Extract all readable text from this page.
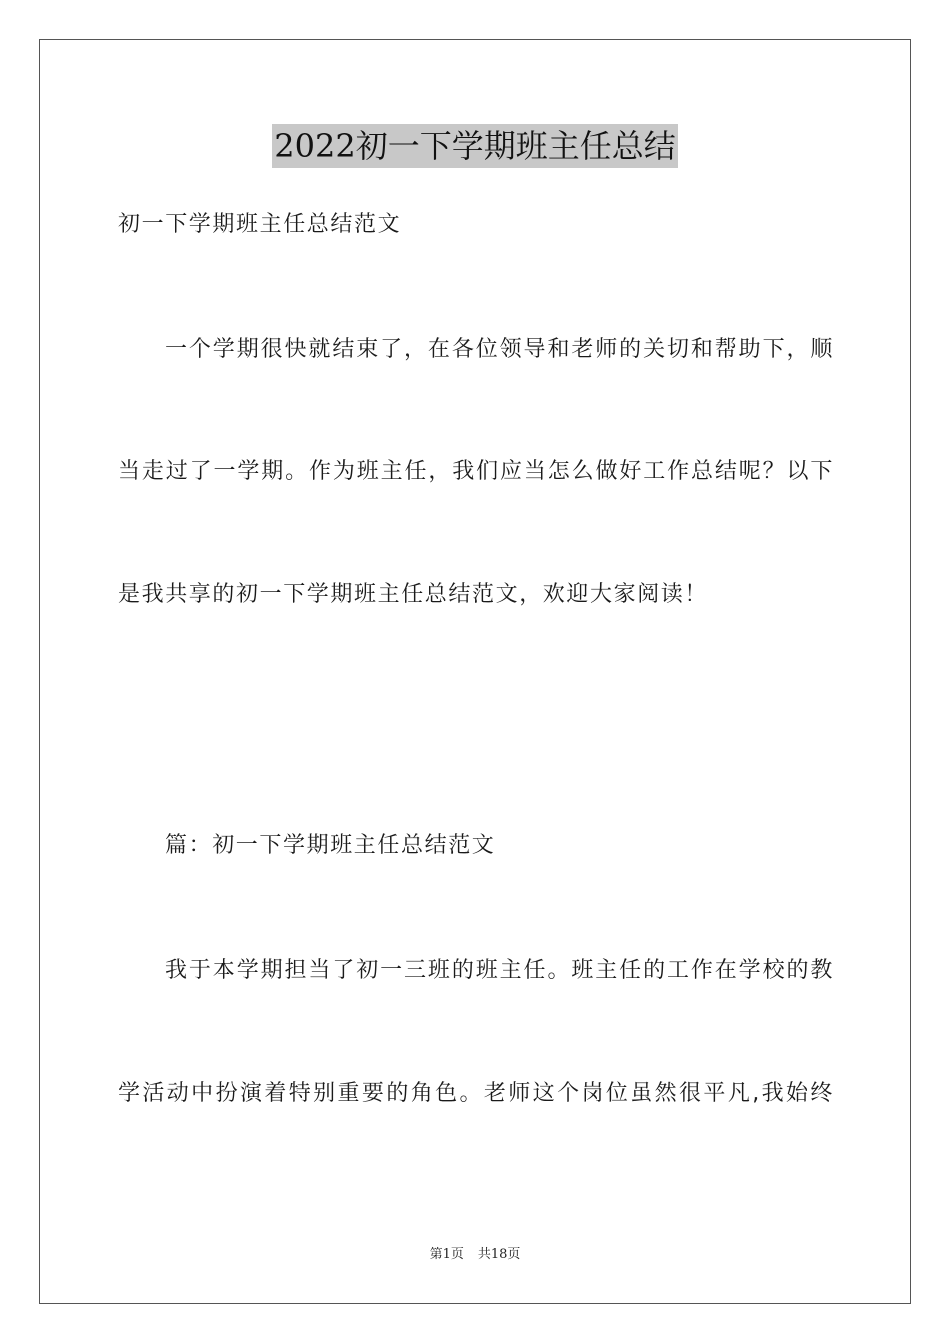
2022初一下学期班主任总结
初一下学期班主任总结范文
一个学期很快就结束了，在各位领导和老师的关切和帮助下，顺
当走过了一学期。作为班主任，我们应当怎么做好工作总结呢？以下
是我共享的初一下学期班主任总结范文，欢迎大家阅读！
篇：初一下学期班主任总结范文
我于本学期担当了初一三班的班主任。班主任的工作在学校的教
学活动中扮演着特别重要的角色。老师这个岗位虽然很平凡,我始终
第1页 共18页
